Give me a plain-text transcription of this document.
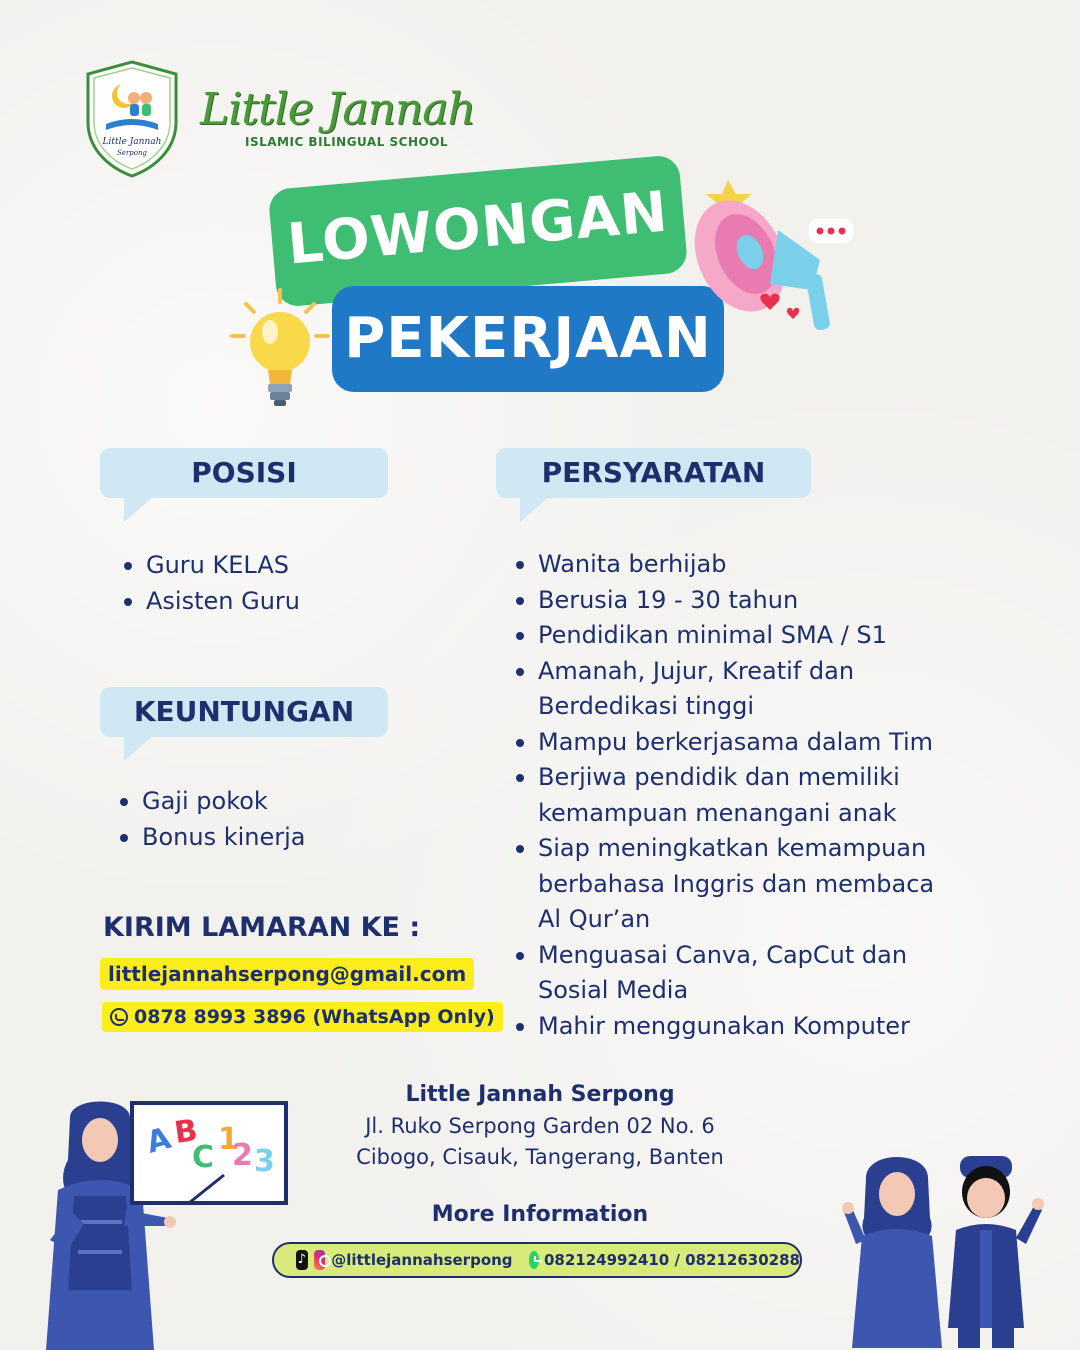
Little Jannah
Serpong
Little Jannah
ISLAMIC BILINGUAL SCHOOL
LOWONGAN
PEKERJAAN
POSISI
Guru KELAS
Asisten Guru
PERSYARATAN
Wanita berhijab
Berusia 19 - 30 tahun
Pendidikan minimal SMA / S1
Amanah, Jujur, Kreatif dan
Berdedikasi tinggi
Mampu berkerjasama dalam Tim
Berjiwa pendidik dan memiliki
kemampuan menangani anak
Siap meningkatkan kemampuan
berbahasa Inggris dan membaca
Al Qur’an
Menguasai Canva, CapCut dan
Sosial Media
Mahir menggunakan Komputer
KEUNTUNGAN
Gaji pokok
Bonus kinerja
KIRIM LAMARAN KE :
littlejannahserpong@gmail.com
0878 8993 3896 (WhatsApp Only)
Little Jannah Serpong
Jl. Ruko Serpong Garden 02 No. 6
Cibogo, Cisauk, Tangerang, Banten
More Information
♪ @littlejannahserpong 082124992410 / 08212630288
A
B
C
1
2 3
